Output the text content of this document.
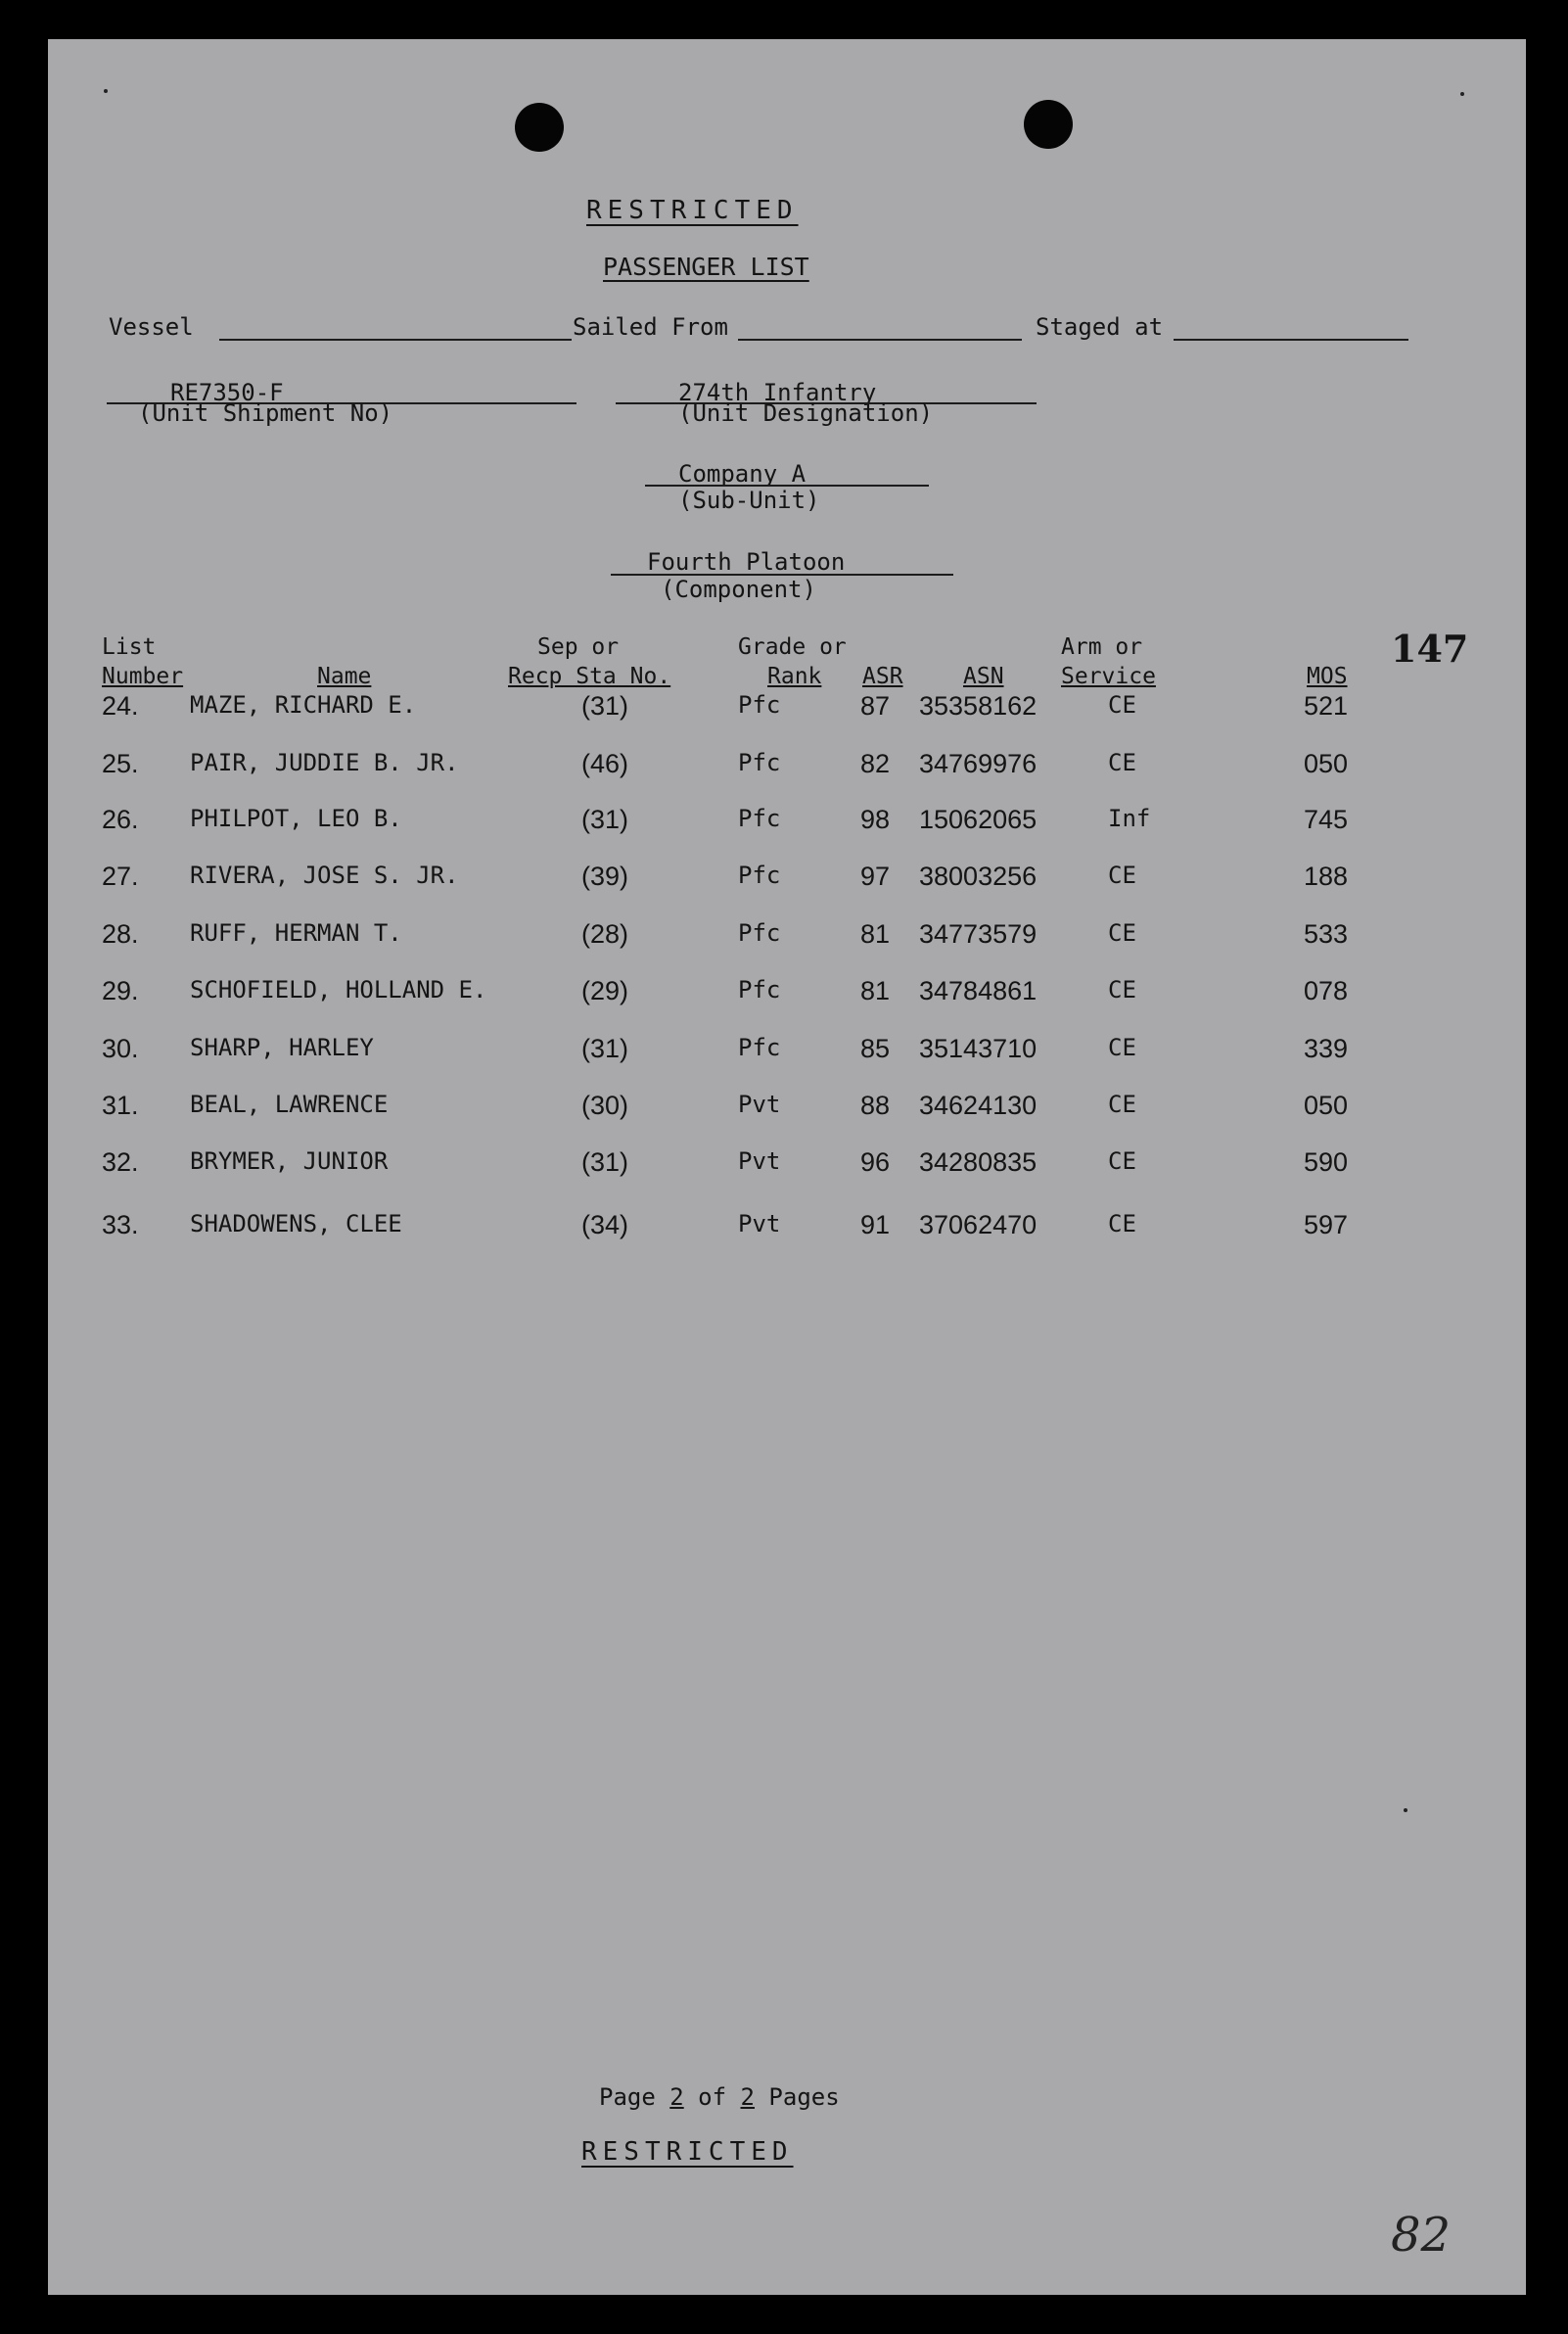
RESTRICTED
PASSENGER LIST
Vessel	Sailed From	Staged at
RE7350-F
(Unit Shipment No)
274th Infantry
(Unit Designation)
Company A
(Sub-Unit)
Fourth Platoon
(Component)
147
List
Number	Name
Sep or
Recp Sta No.
Grade or
Rank ASR	ASN
Arm or
Service	MOS
24. MAZE, RICHARD E.	(31)	Pfc	87 35358162	CE	521
25. PAIR, JUDDIE B. JR.	(46)	Pfc	82 34769976	CE	050
26. PHILPOT, LEO B.	(31)	Pfc	98 15062065	Inf	745
27. RIVERA, JOSE S. JR.	(39)	Pfc	97 38003256	CE	188
28. RUFF, HERMAN T.	(28)	Pfc	81 34773579	CE	533
29. SCHOFIELD, HOLLAND E.	(29)	Pfc	81 34784861	CE	078
30. SHARP, HARLEY	(31)	Pfc	85 35143710	CE	339
31. BEAL, LAWRENCE	(30)	Pvt	88 34624130	CE	050
32. BRYMER, JUNIOR	(31)	Pvt	96 34280835	CE	590
33. SHADOWENS, CLEE	(34)	Pvt	91 37062470	CE	597
Page 2 of 2 Pages
RESTRICTED
82
